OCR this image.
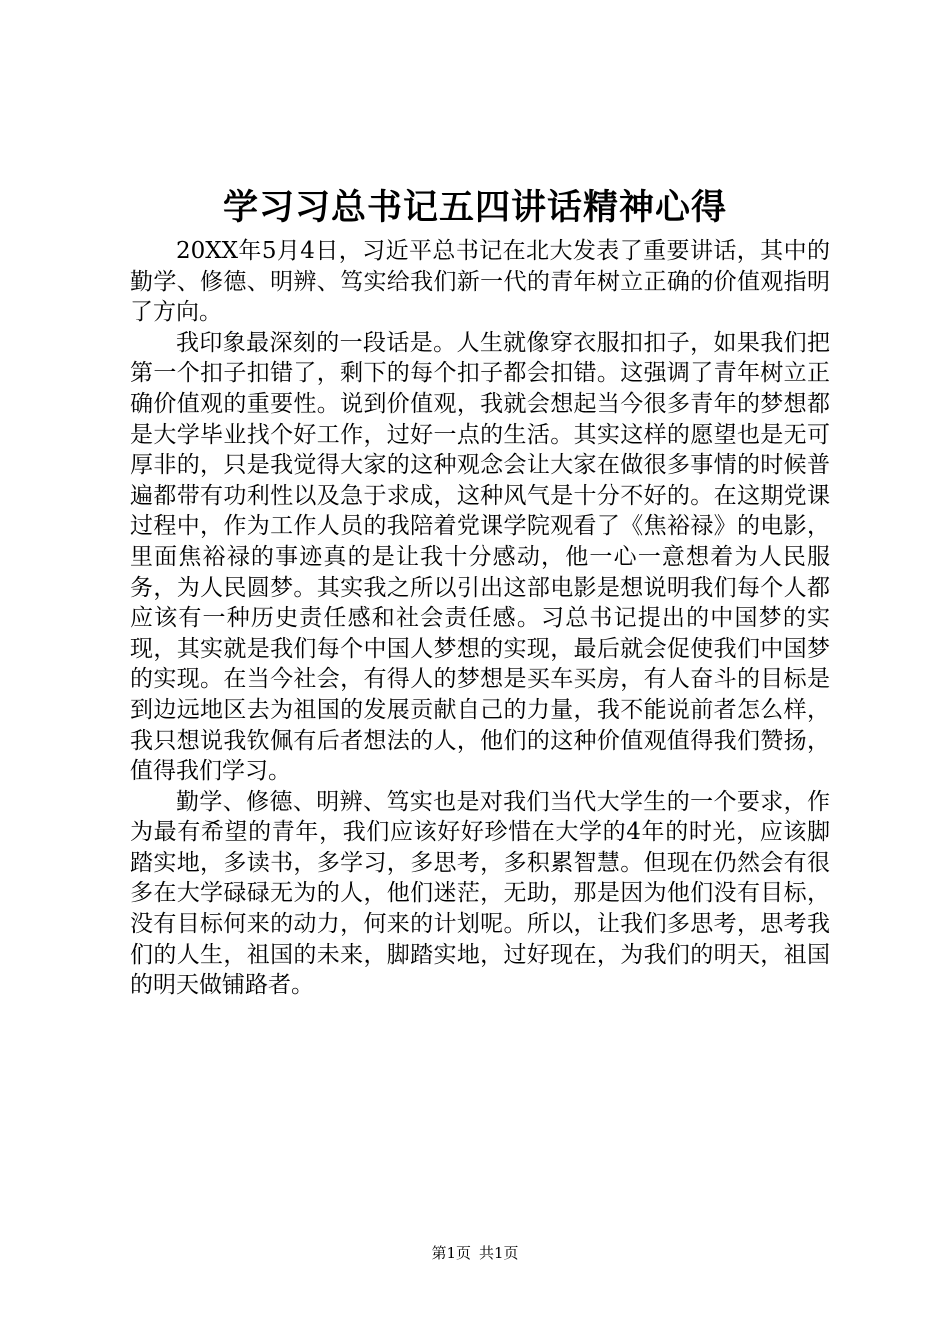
学习习总书记五四讲话精神心得

20XX年5月4日，习近平总书记在北大发表了重要讲话，其中的勤学、修德、明辨、笃实给我们新一代的青年树立正确的价值观指明了方向。

我印象最深刻的一段话是。人生就像穿衣服扣扣子，如果我们把第一个扣子扣错了，剩下的每个扣子都会扣错。这强调了青年树立正确价值观的重要性。说到价值观，我就会想起当今很多青年的梦想都是大学毕业找个好工作，过好一点的生活。其实这样的愿望也是无可厚非的，只是我觉得大家的这种观念会让大家在做很多事情的时候普遍都带有功利性以及急于求成，这种风气是十分不好的。在这期党课过程中，作为工作人员的我陪着党课学院观看了《焦裕禄》的电影，里面焦裕禄的事迹真的是让我十分感动，他一心一意想着为人民服务，为人民圆梦。其实我之所以引出这部电影是想说明我们每个人都应该有一种历史责任感和社会责任感。习总书记提出的中国梦的实现，其实就是我们每个中国人梦想的实现，最后就会促使我们中国梦的实现。在当今社会，有得人的梦想是买车买房，有人奋斗的目标是到边远地区去为祖国的发展贡献自己的力量，我不能说前者怎么样，我只想说我钦佩有后者想法的人，他们的这种价值观值得我们赞扬，值得我们学习。

勤学、修德、明辨、笃实也是对我们当代大学生的一个要求，作为最有希望的青年，我们应该好好珍惜在大学的4年的时光，应该脚踏实地，多读书，多学习，多思考，多积累智慧。但现在仍然会有很多在大学碌碌无为的人，他们迷茫，无助，那是因为他们没有目标，没有目标何来的动力，何来的计划呢。所以，让我们多思考，思考我们的人生，祖国的未来，脚踏实地，过好现在，为我们的明天，祖国的明天做铺路者。

第1页 共1页
